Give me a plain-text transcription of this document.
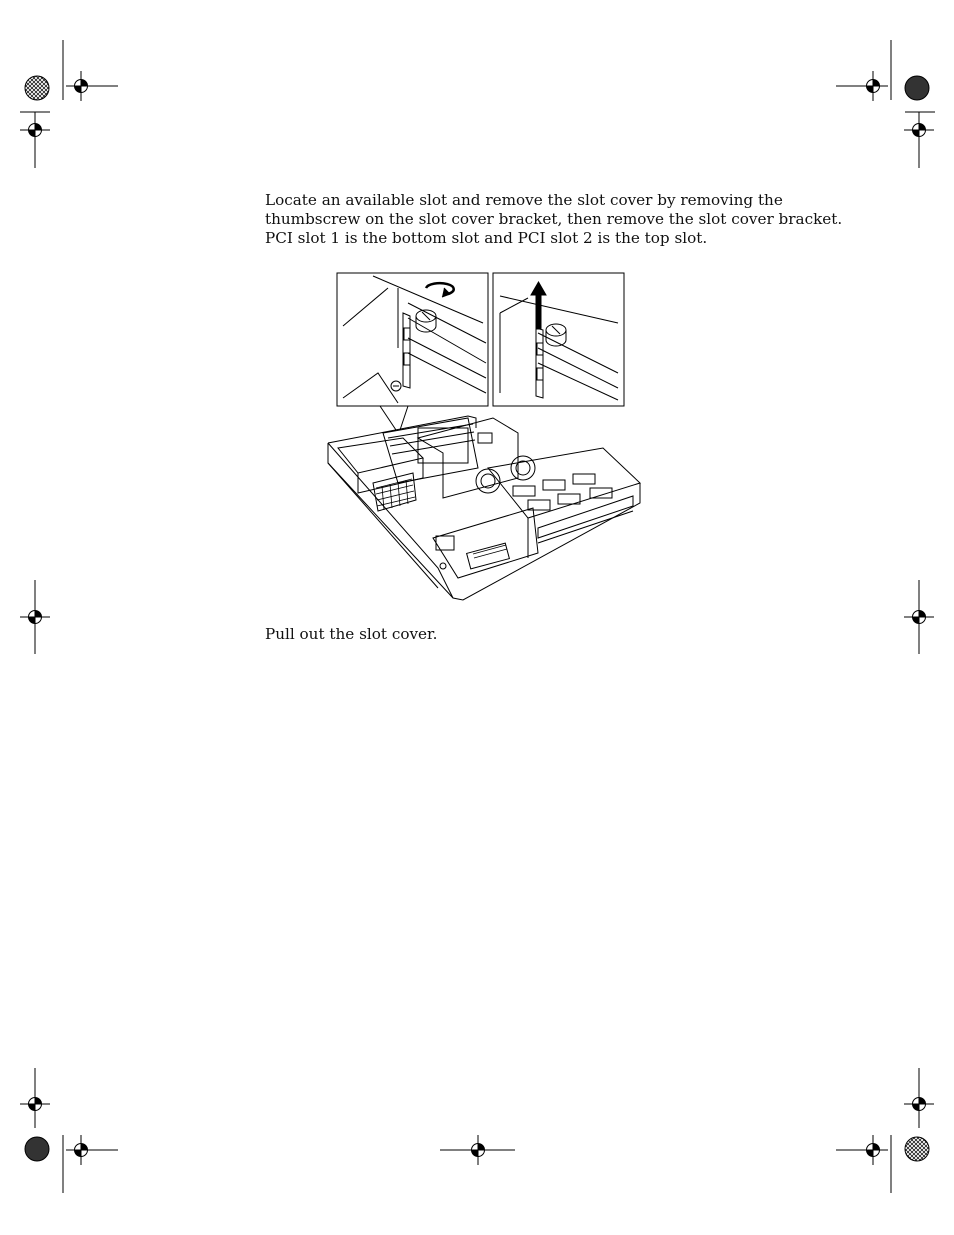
Locate an available slot and remove the slot cover by removing the
thumbscrew on the slot cover bracket, then remove the slot cover bracket.
PCI slot 1 is the bottom slot and PCI slot 2 is the top slot.

Pull out the slot cover.
